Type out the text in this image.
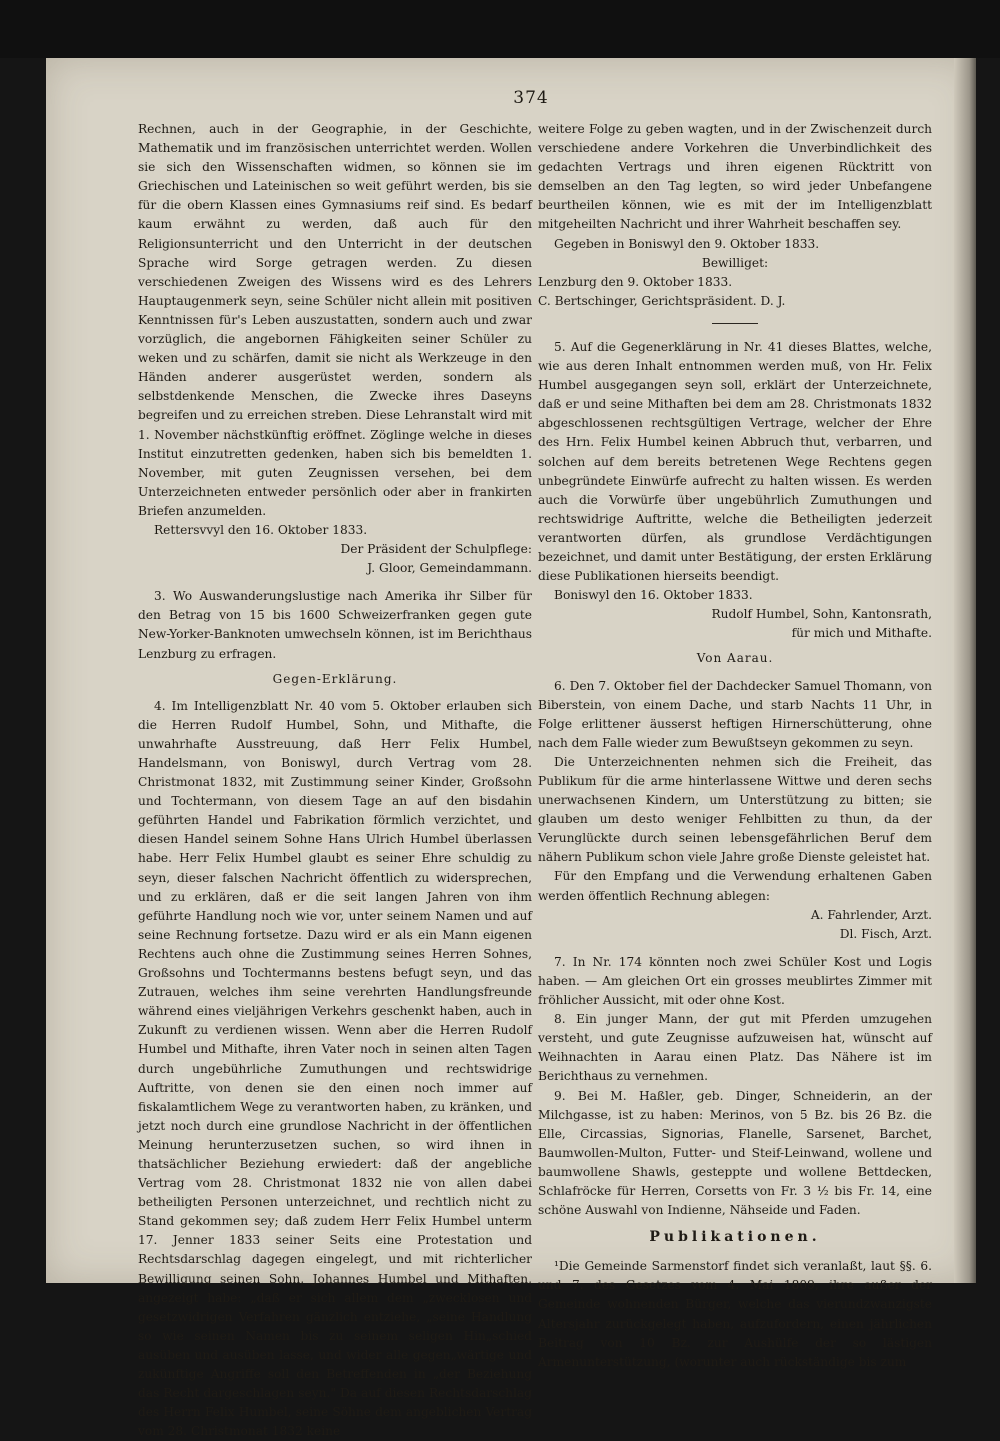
374

Rechnen, auch in der Geographie, in der Geschichte, Mathematik und im französischen unterrichtet werden. Wollen sie sich den Wissenschaften widmen, so können sie im Griechischen und Lateinischen so weit geführt werden, bis sie für die obern Klassen eines Gymnasiums reif sind. Es bedarf kaum erwähnt zu werden, daß auch für den Religionsunterricht und den Unterricht in der deutschen Sprache wird Sorge getragen werden. Zu diesen verschiedenen Zweigen des Wissens wird es des Lehrers Hauptaugenmerk seyn, seine Schüler nicht allein mit positiven Kenntnissen für's Leben auszustatten, sondern auch und zwar vorzüglich, die angebornen Fähigkeiten seiner Schüler zu weken und zu schärfen, damit sie nicht als Werkzeuge in den Händen anderer ausgerüstet werden, sondern als selbstdenkende Menschen, die Zwecke ihres Daseyns begreifen und zu erreichen streben. Diese Lehranstalt wird mit 1. November nächstkünftig eröffnet. Zöglinge welche in dieses Institut einzutretten gedenken, haben sich bis bemeldten 1. November, mit guten Zeugnissen versehen, bei dem Unterzeichneten entweder persönlich oder aber in frankirten Briefen anzumelden.

Rettersvvyl den 16. Oktober 1833.

Der Präsident der Schulpflege:

J. Gloor, Gemeindammann.

3. Wo Auswanderungslustige nach Amerika ihr Silber für den Betrag von 15 bis 1600 Schweizerfranken gegen gute New-Yorker-Banknoten umwechseln können, ist im Berichthaus Lenzburg zu erfragen.

Gegen-Erklärung.

4. Im Intelligenzblatt Nr. 40 vom 5. Oktober erlauben sich die Herren Rudolf Humbel, Sohn, und Mithafte, die unwahrhafte Ausstreuung, daß Herr Felix Humbel, Handelsmann, von Boniswyl, durch Vertrag vom 28. Christmonat 1832, mit Zustimmung seiner Kinder, Großsohn und Tochtermann, von diesem Tage an auf den bisdahin geführten Handel und Fabrikation förmlich verzichtet, und diesen Handel seinem Sohne Hans Ulrich Humbel überlassen habe. Herr Felix Humbel glaubt es seiner Ehre schuldig zu seyn, dieser falschen Nachricht öffentlich zu widersprechen, und zu erklären, daß er die seit langen Jahren von ihm geführte Handlung noch wie vor, unter seinem Namen und auf seine Rechnung fortsetze. Dazu wird er als ein Mann eigenen Rechtens auch ohne die Zustimmung seines Herren Sohnes, Großsohns und Tochtermanns bestens befugt seyn, und das Zutrauen, welches ihm seine verehrten Handlungsfreunde während eines vieljährigen Verkehrs geschenkt haben, auch in Zukunft zu verdienen wissen. Wenn aber die Herren Rudolf Humbel und Mithafte, ihren Vater noch in seinen alten Tagen durch ungebührliche Zumuthungen und rechtswidrige Auftritte, von denen sie den einen noch immer auf fiskalamtlichem Wege zu verantworten haben, zu kränken, und jetzt noch durch eine grundlose Nachricht in der öffentlichen Meinung herunterzusetzen suchen, so wird ihnen in thatsächlicher Beziehung erwiedert: daß der angebliche Vertrag vom 28. Christmonat 1832 nie von allen dabei betheiligten Personen unterzeichnet, und rechtlich nicht zu Stand gekommen sey; daß zudem Herr Felix Humbel unterm 17. Jenner 1833 seiner Seits eine Protestation und Rechtsdarschlag dagegen eingelegt, und mit richterlicher Bewilligung seinen Sohn, Johannes Humbel und Mithaften, angezeigt habe: „daß er sich allem dem „zwecklosen und gesetzwidrigen Verfahren gänzlich entziehe, „seine Handlung so wie seinen Namen bis zu seinem seligen Hin„schied ausüben und ausüben lasse, und wider alle gegen„wärtige und zukünftige Angriffe soll den Betreffenden in „der Beziehung das Recht dargeschlagen seyn." Da auf diesen Rechtsdarschlag des Herrn Felix Humbel, seine Söhne dem angeblichen Vertrag vom 28. Christmonat 1832 keine

weitere Folge zu geben wagten, und in der Zwischenzeit durch verschiedene andere Vorkehren die Unverbindlichkeit des gedachten Vertrags und ihren eigenen Rücktritt von demselben an den Tag legten, so wird jeder Unbefangene beurtheilen können, wie es mit der im Intelligenzblatt mitgeheilten Nachricht und ihrer Wahrheit beschaffen sey.

Gegeben in Boniswyl den 9. Oktober 1833.

Bewilliget:

Lenzburg den 9. Oktober 1833.

C. Bertschinger, Gerichtspräsident. D. J.

5. Auf die Gegenerklärung in Nr. 41 dieses Blattes, welche, wie aus deren Inhalt entnommen werden muß, von Hr. Felix Humbel ausgegangen seyn soll, erklärt der Unterzeichnete, daß er und seine Mithaften bei dem am 28. Christmonats 1832 abgeschlossenen rechtsgültigen Vertrage, welcher der Ehre des Hrn. Felix Humbel keinen Abbruch thut, verbarren, und solchen auf dem bereits betretenen Wege Rechtens gegen unbegründete Einwürfe aufrecht zu halten wissen. Es werden auch die Vorwürfe über ungebührlich Zumuthungen und rechtswidrige Auftritte, welche die Betheiligten jederzeit verantworten dürfen, als grundlose Verdächtigungen bezeichnet, und damit unter Bestätigung, der ersten Erklärung diese Publikationen hierseits beendigt.

Boniswyl den 16. Oktober 1833.

Rudolf Humbel, Sohn, Kantonsrath,

für mich und Mithafte.

Von Aarau.

6. Den 7. Oktober fiel der Dachdecker Samuel Thomann, von Biberstein, von einem Dache, und starb Nachts 11 Uhr, in Folge erlittener äusserst heftigen Hirnerschütterung, ohne nach dem Falle wieder zum Bewußtseyn gekommen zu seyn.

Die Unterzeichnenten nehmen sich die Freiheit, das Publikum für die arme hinterlassene Wittwe und deren sechs unerwachsenen Kindern, um Unterstützung zu bitten; sie glauben um desto weniger Fehlbitten zu thun, da der Verunglückte durch seinen lebensgefährlichen Beruf dem nähern Publikum schon viele Jahre große Dienste geleistet hat.

Für den Empfang und die Verwendung erhaltenen Gaben werden öffentlich Rechnung ablegen:

A. Fahrlender, Arzt.

Dl. Fisch, Arzt.

7. In Nr. 174 könnten noch zwei Schüler Kost und Logis haben. — Am gleichen Ort ein grosses meublirtes Zimmer mit fröhlicher Aussicht, mit oder ohne Kost.

8. Ein junger Mann, der gut mit Pferden umzugehen versteht, und gute Zeugnisse aufzuweisen hat, wünscht auf Weihnachten in Aarau einen Platz. Das Nähere ist im Berichthaus zu vernehmen.

9. Bei M. Haßler, geb. Dinger, Schneiderin, an der Milchgasse, ist zu haben: Merinos, von 5 Bz. bis 26 Bz. die Elle, Circassias, Signorias, Flanelle, Sarsenet, Barchet, Baumwollen-Multon, Futter- und Steif-Leinwand, wollene und baumwollene Shawls, gesteppte und wollene Bettdecken, Schlafröcke für Herren, Corsetts von Fr. 3 ½ bis Fr. 14, eine schöne Auswahl von Indienne, Nähseide und Faden.

Publikationen.

¹Die Gemeinde Sarmenstorf findet sich veranlaßt, laut §§. 6. und 7. des Gesetzes vom 4. Mai 1809, ihre außer der Gemeinde wohnenden Bürger, welche das vierundzwanzigste Altersjahr zurückgelegt haben, aufzufordern, einen jährlichen Beitrag von 10 Bz. zur Aushülfe der so lästigen Armenunterstützung, (worunter auch rückständige bis zum
